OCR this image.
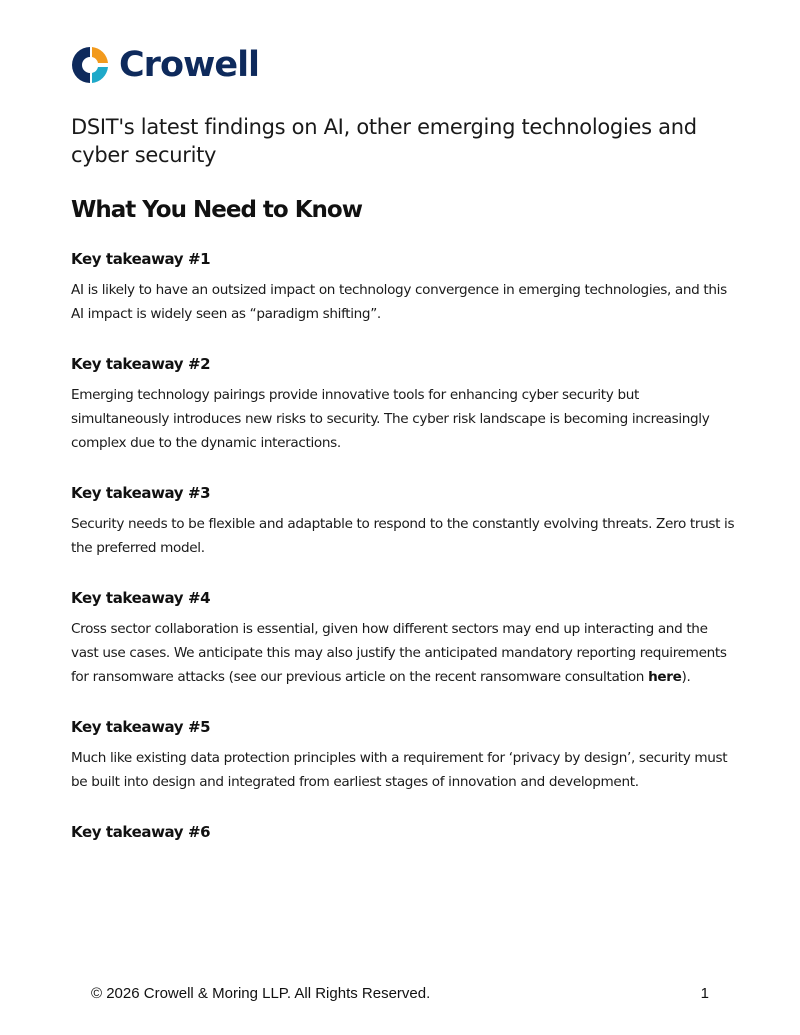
Crowell
DSIT's latest findings on AI, other emerging technologies and cyber security
What You Need to Know
Key takeaway #1

AI is likely to have an outsized impact on technology convergence in emerging technologies, and this AI impact is widely seen as “paradigm shifting”.

Key takeaway #2

Emerging technology pairings provide innovative tools for enhancing cyber security but simultaneously introduces new risks to security. The cyber risk landscape is becoming increasingly complex due to the dynamic interactions.

Key takeaway #3

Security needs to be flexible and adaptable to respond to the constantly evolving threats. Zero trust is the preferred model.

Key takeaway #4

Cross sector collaboration is essential, given how different sectors may end up interacting and the vast use cases. We anticipate this may also justify the anticipated mandatory reporting requirements for ransomware attacks (see our previous article on the recent ransomware consultation here).

Key takeaway #5

Much like existing data protection principles with a requirement for ‘privacy by design’, security must be built into design and integrated from earliest stages of innovation and development.

Key takeaway #6
© 2026 Crowell & Moring LLP. All Rights Reserved.	1
